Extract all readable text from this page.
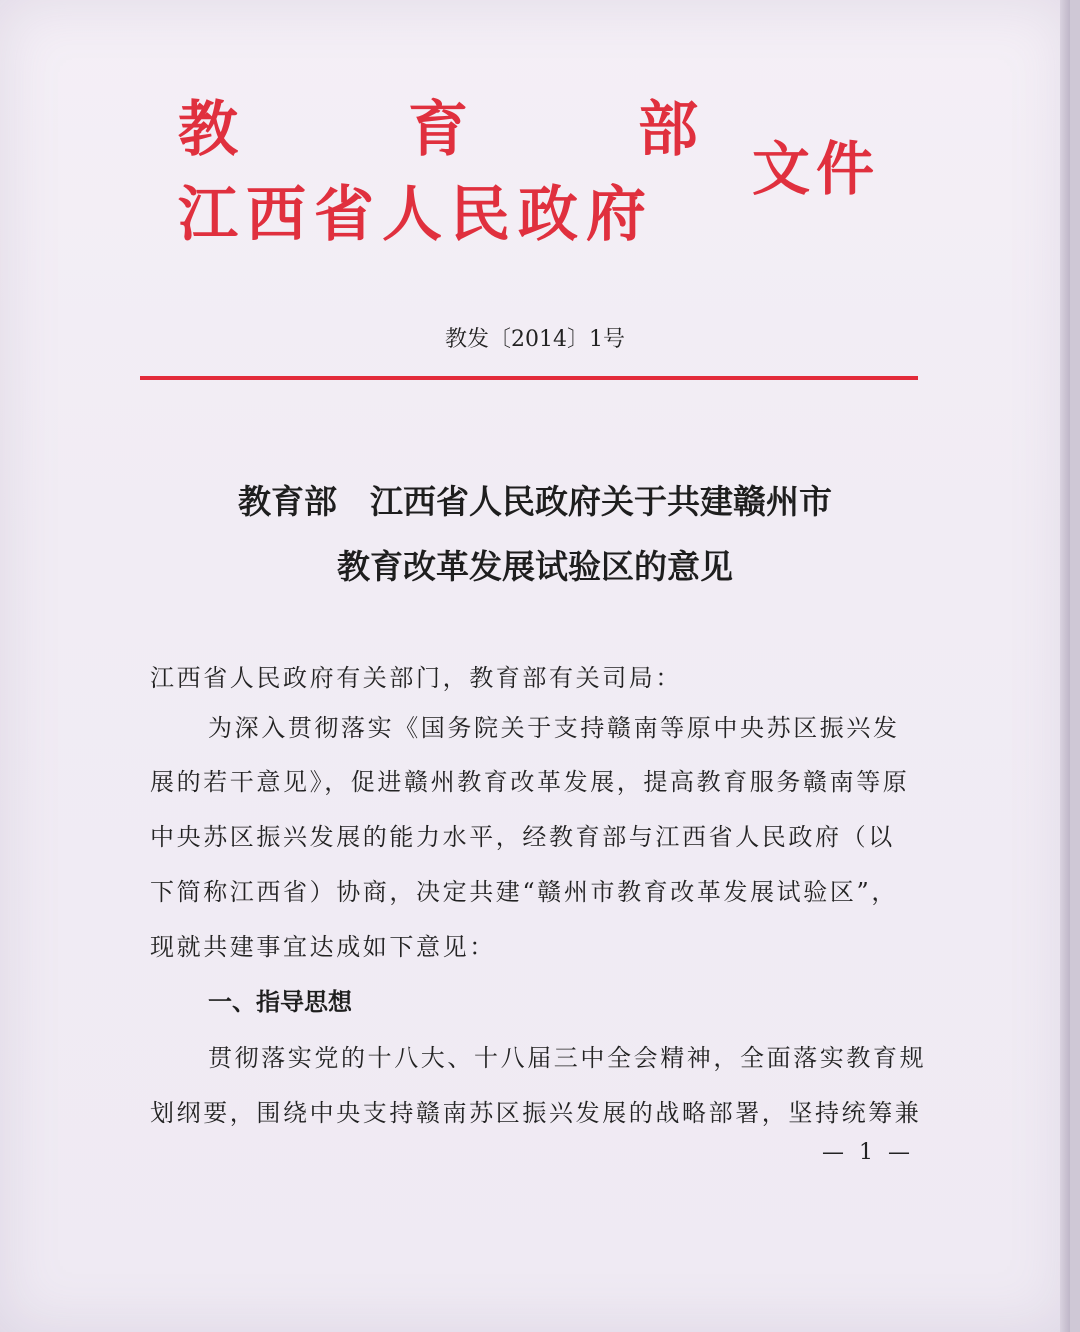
教	育	部
江西省人民政府
文件
教发〔2014〕1号
教育部　江西省人民政府关于共建赣州市
教育改革发展试验区的意见
江西省人民政府有关部门，教育部有关司局：
为深入贯彻落实《国务院关于支持赣南等原中央苏区振兴发
展的若干意见》，促进赣州教育改革发展，提高教育服务赣南等原
中央苏区振兴发展的能力水平，经教育部与江西省人民政府（以
下简称江西省）协商，决定共建“赣州市教育改革发展试验区”，
现就共建事宜达成如下意见：
一、指导思想
贯彻落实党的十八大、十八届三中全会精神，全面落实教育规
划纲要，围绕中央支持赣南苏区振兴发展的战略部署，坚持统筹兼
— 1 —
